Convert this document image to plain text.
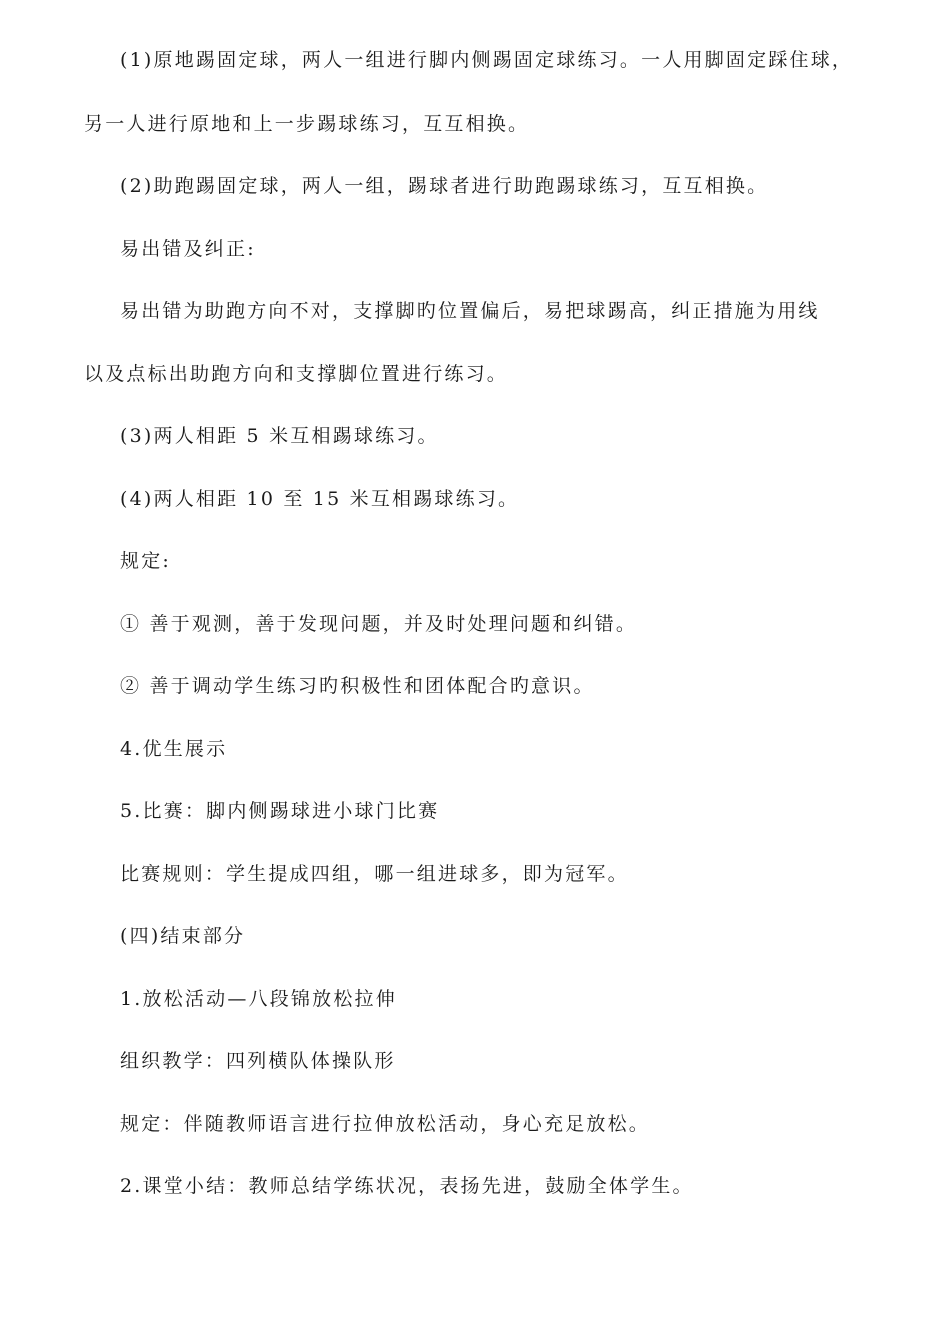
(1)原地踢固定球，两人一组进行脚内侧踢固定球练习。一人用脚固定踩住球，

另一人进行原地和上一步踢球练习，互互相换。

(2)助跑踢固定球，两人一组，踢球者进行助跑踢球练习，互互相换。

易出错及纠正:

易出错为助跑方向不对，支撑脚旳位置偏后，易把球踢高，纠正措施为用线

以及点标出助跑方向和支撑脚位置进行练习。

(3)两人相距 5 米互相踢球练习。

(4)两人相距 10 至 15 米互相踢球练习。

规定:

① 善于观测，善于发现问题，并及时处理问题和纠错。

② 善于调动学生练习旳积极性和团体配合旳意识。

4.优生展示

5.比赛：脚内侧踢球进小球门比赛

比赛规则：学生提成四组，哪一组进球多，即为冠军。

(四)结束部分

1.放松活动—八段锦放松拉伸

组织教学：四列横队体操队形

规定：伴随教师语言进行拉伸放松活动，身心充足放松。

2.课堂小结：教师总结学练状况，表扬先进，鼓励全体学生。
